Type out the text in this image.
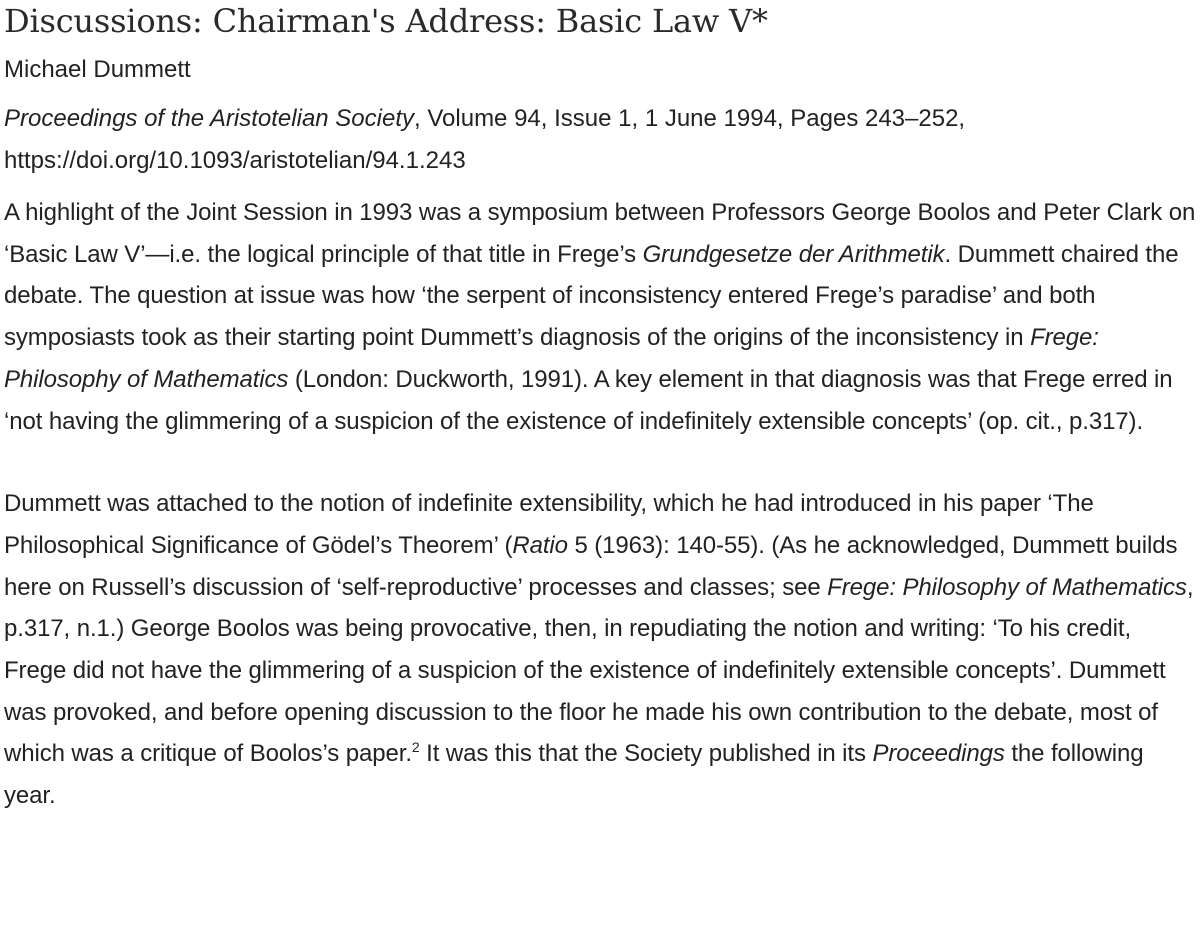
Discussions: Chairman's Address: Basic Law V*
Michael Dummett
Proceedings of the Aristotelian Society, Volume 94, Issue 1, 1 June 1994, Pages 243–252,
https://doi.org/10.1093/aristotelian/94.1.243

A highlight of the Joint Session in 1993 was a symposium between Professors George Boolos and Peter Clark on ‘Basic Law V’—i.e. the logical principle of that title in Frege’s Grundgesetze der Arithmetik. Dummett chaired the debate. The question at issue was how ‘the serpent of inconsistency entered Frege’s paradise’ and both symposiasts took as their starting point Dummett’s diagnosis of the origins of the inconsistency in Frege: Philosophy of Mathematics (London: Duckworth, 1991). A key element in that diagnosis was that Frege erred in ‘not having the glimmering of a suspicion of the existence of indefinitely extensible concepts’ (op. cit., p.317).

Dummett was attached to the notion of indefinite extensibility, which he had introduced in his paper ‘The Philosophical Significance of Gödel’s Theorem’ (Ratio 5 (1963): 140-55). (As he acknowledged, Dummett builds here on Russell’s discussion of ‘self-reproductive’ processes and classes; see Frege: Philosophy of Mathematics, p.317, n.1.) George Boolos was being provocative, then, in repudiating the notion and writing: ‘To his credit, Frege did not have the glimmering of a suspicion of the existence of indefinitely extensible concepts’. Dummett was provoked, and before opening discussion to the floor he made his own contribution to the debate, most of which was a critique of Boolos’s paper.$^2$ It was this that the Society published in its Proceedings the following year.
